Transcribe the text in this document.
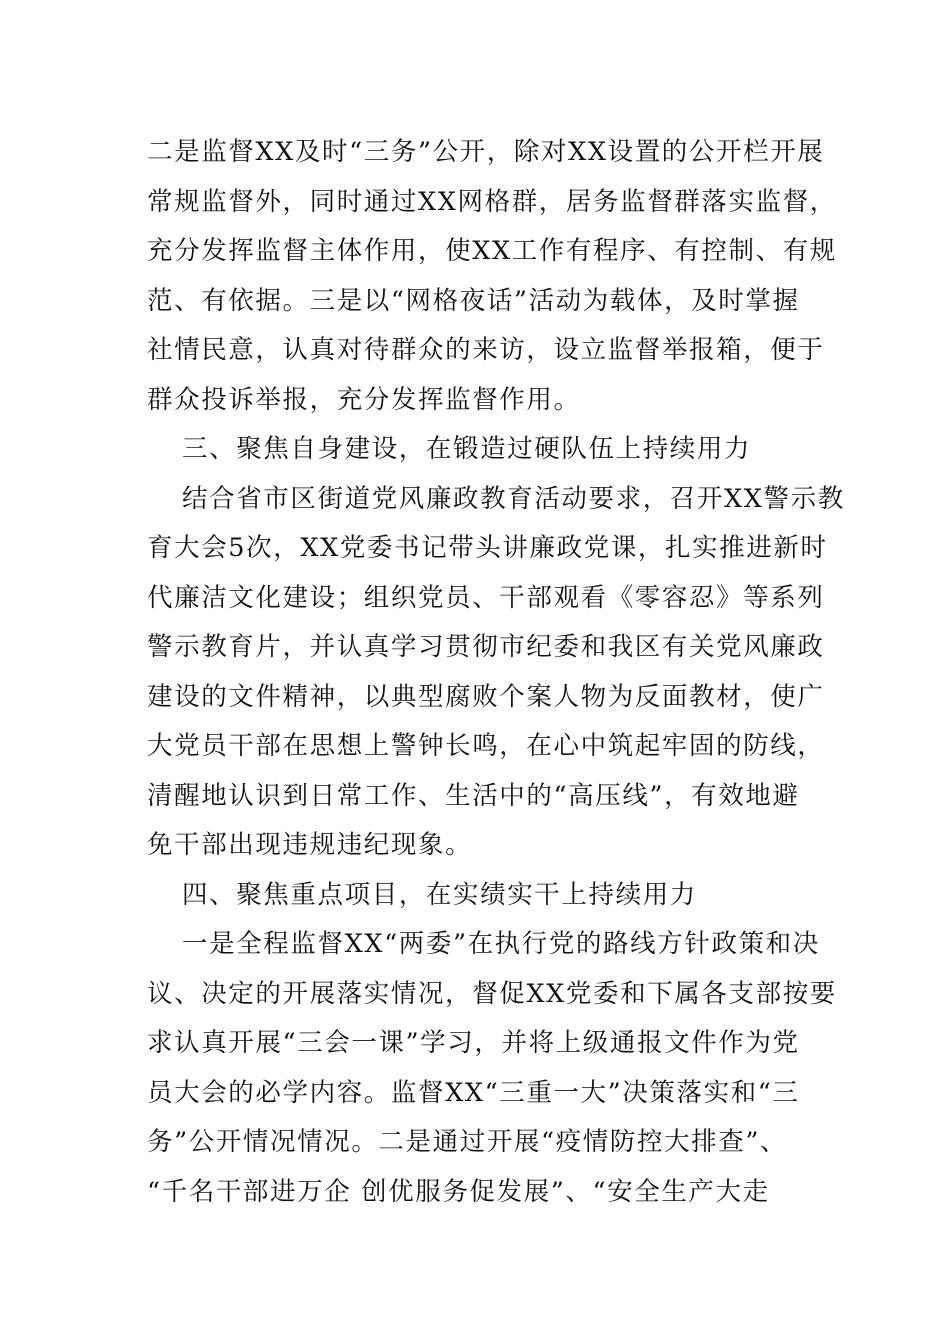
二是监督XX及时“三务”公开，除对XX设置的公开栏开展
常规监督外，同时通过XX网格群，居务监督群落实监督，
充分发挥监督主体作用，使XX工作有程序、有控制、有规
范、有依据。三是以“网格夜话”活动为载体，及时掌握
社情民意，认真对待群众的来访，设立监督举报箱，便于
群众投诉举报，充分发挥监督作用。
三、聚焦自身建设，在锻造过硬队伍上持续用力
结合省市区街道党风廉政教育活动要求，召开XX警示教
育大会5次，XX党委书记带头讲廉政党课，扎实推进新时
代廉洁文化建设；组织党员、干部观看《零容忍》等系列
警示教育片，并认真学习贯彻市纪委和我区有关党风廉政
建设的文件精神，以典型腐败个案人物为反面教材，使广
大党员干部在思想上警钟长鸣，在心中筑起牢固的防线，
清醒地认识到日常工作、生活中的“高压线”，有效地避
免干部出现违规违纪现象。
四、聚焦重点项目，在实绩实干上持续用力
一是全程监督XX“两委”在执行党的路线方针政策和决
议、决定的开展落实情况，督促XX党委和下属各支部按要
求认真开展“三会一课”学习，并将上级通报文件作为党
员大会的必学内容。监督XX“三重一大”决策落实和“三
务”公开情况情况。二是通过开展“疫情防控大排查”、
“千名干部进万企 创优服务促发展”、“安全生产大走
